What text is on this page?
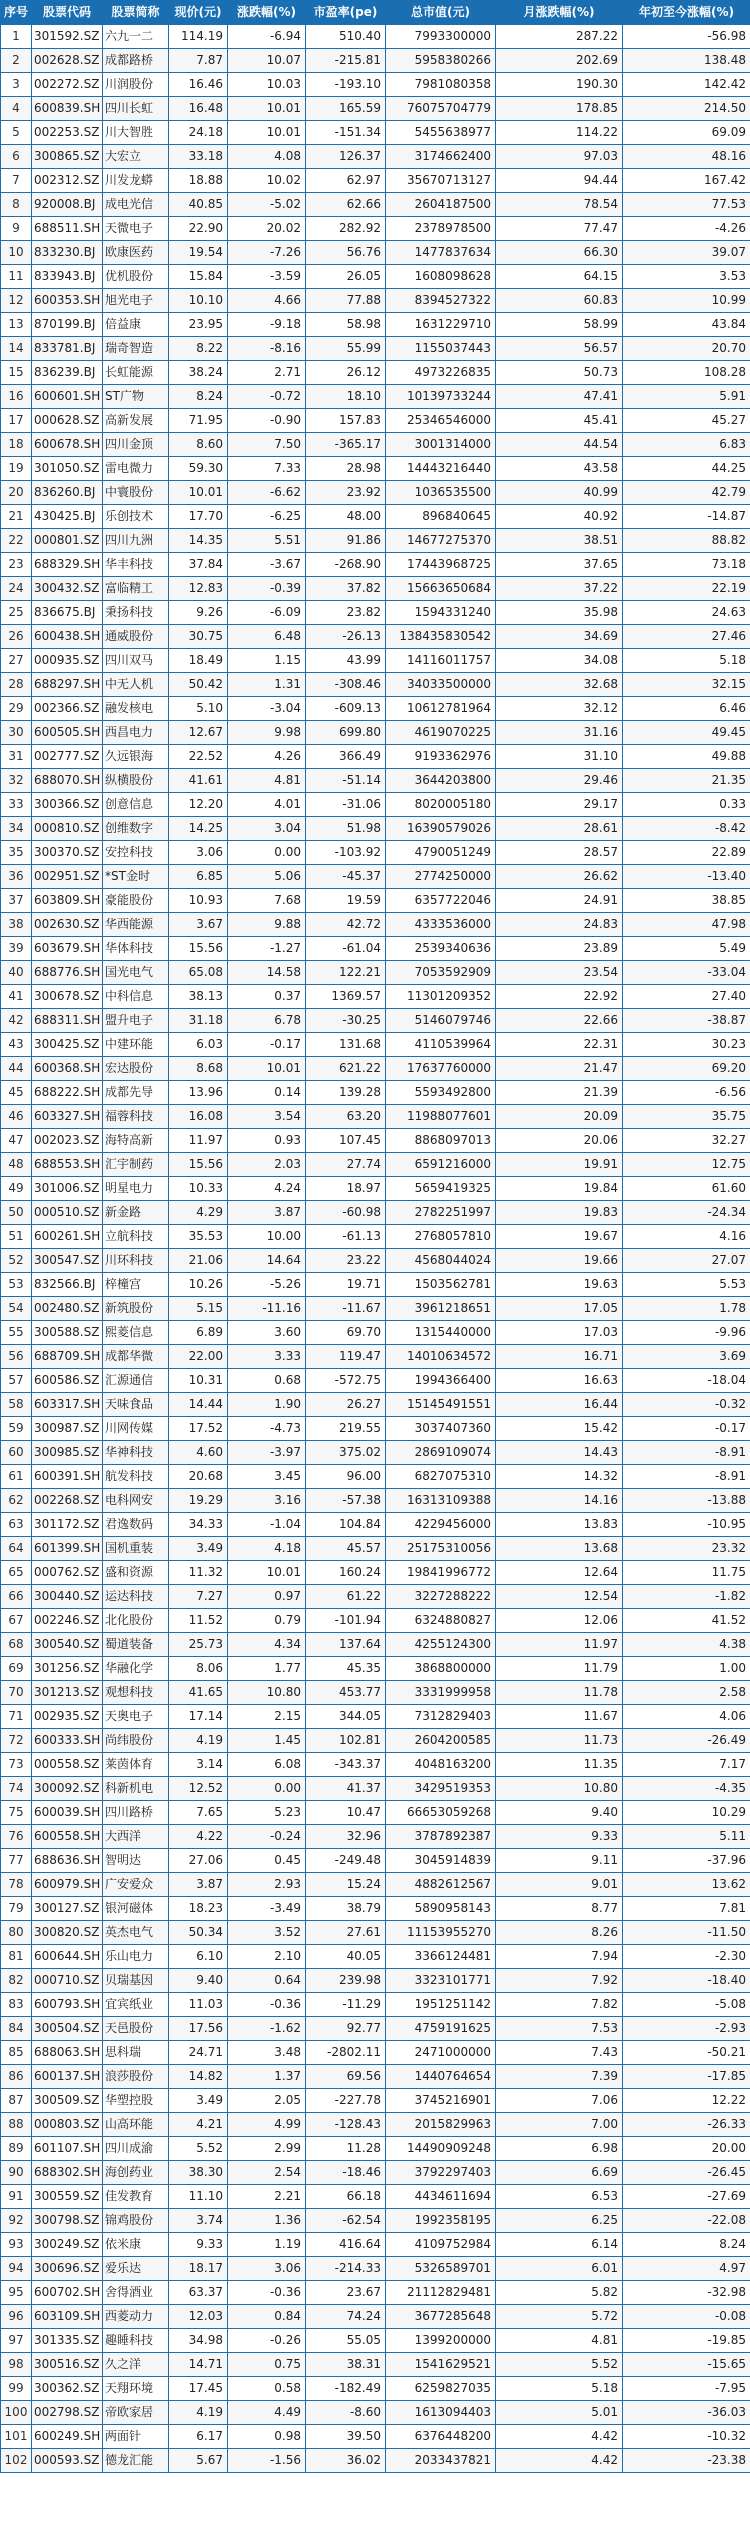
序号	股票代码	股票简称	现价(元)	涨跌幅(%)	市盈率(pe)	总市值(元)	月涨跌幅(%)	年初至今涨幅(%)
1	301592.SZ	六九一二	114.19	-6.94	510.40	7993300000	287.22	-56.98
2	002628.SZ	成都路桥	7.87	10.07	-215.81	5958380266	202.69	138.48
3	002272.SZ	川润股份	16.46	10.03	-193.10	7981080358	190.30	142.42
4	600839.SH	四川长虹	16.48	10.01	165.59	76075704779	178.85	214.50
5	002253.SZ	川大智胜	24.18	10.01	-151.34	5455638977	114.22	69.09
6	300865.SZ	大宏立	33.18	4.08	126.37	3174662400	97.03	48.16
7	002312.SZ	川发龙蟒	18.88	10.02	62.97	35670713127	94.44	167.42
8	920008.BJ	成电光信	40.85	-5.02	62.66	2604187500	78.54	77.53
9	688511.SH	天微电子	22.90	20.02	282.92	2378978500	77.47	-4.26
10	833230.BJ	欧康医药	19.54	-7.26	56.76	1477837634	66.30	39.07
11	833943.BJ	优机股份	15.84	-3.59	26.05	1608098628	64.15	3.53
12	600353.SH	旭光电子	10.10	4.66	77.88	8394527322	60.83	10.99
13	870199.BJ	倍益康	23.95	-9.18	58.98	1631229710	58.99	43.84
14	833781.BJ	瑞奇智造	8.22	-8.16	55.99	1155037443	56.57	20.70
15	836239.BJ	长虹能源	38.24	2.71	26.12	4973226835	50.73	108.28
16	600601.SH	ST广物	8.24	-0.72	18.10	10139733244	47.41	5.91
17	000628.SZ	高新发展	71.95	-0.90	157.83	25346546000	45.41	45.27
18	600678.SH	四川金顶	8.60	7.50	-365.17	3001314000	44.54	6.83
19	301050.SZ	雷电微力	59.30	7.33	28.98	14443216440	43.58	44.25
20	836260.BJ	中寰股份	10.01	-6.62	23.92	1036535500	40.99	42.79
21	430425.BJ	乐创技术	17.70	-6.25	48.00	896840645	40.92	-14.87
22	000801.SZ	四川九洲	14.35	5.51	91.86	14677275370	38.51	88.82
23	688329.SH	华丰科技	37.84	-3.67	-268.90	17443968725	37.65	73.18
24	300432.SZ	富临精工	12.83	-0.39	37.82	15663650684	37.22	22.19
25	836675.BJ	秉扬科技	9.26	-6.09	23.82	1594331240	35.98	24.63
26	600438.SH	通威股份	30.75	6.48	-26.13	138435830542	34.69	27.46
27	000935.SZ	四川双马	18.49	1.15	43.99	14116011757	34.08	5.18
28	688297.SH	中无人机	50.42	1.31	-308.46	34033500000	32.68	32.15
29	002366.SZ	融发核电	5.10	-3.04	-609.13	10612781964	32.12	6.46
30	600505.SH	西昌电力	12.67	9.98	699.80	4619070225	31.16	49.45
31	002777.SZ	久远银海	22.52	4.26	366.49	9193362976	31.10	49.88
32	688070.SH	纵横股份	41.61	4.81	-51.14	3644203800	29.46	21.35
33	300366.SZ	创意信息	12.20	4.01	-31.06	8020005180	29.17	0.33
34	000810.SZ	创维数字	14.25	3.04	51.98	16390579026	28.61	-8.42
35	300370.SZ	安控科技	3.06	0.00	-103.92	4790051249	28.57	22.89
36	002951.SZ	*ST金时	6.85	5.06	-45.37	2774250000	26.62	-13.40
37	603809.SH	豪能股份	10.93	7.68	19.59	6357722046	24.91	38.85
38	002630.SZ	华西能源	3.67	9.88	42.72	4333536000	24.83	47.98
39	603679.SH	华体科技	15.56	-1.27	-61.04	2539340636	23.89	5.49
40	688776.SH	国光电气	65.08	14.58	122.21	7053592909	23.54	-33.04
41	300678.SZ	中科信息	38.13	0.37	1369.57	11301209352	22.92	27.40
42	688311.SH	盟升电子	31.18	6.78	-30.25	5146079746	22.66	-38.87
43	300425.SZ	中建环能	6.03	-0.17	131.68	4110539964	22.31	30.23
44	600368.SH	宏达股份	8.68	10.01	621.22	17637760000	21.47	69.20
45	688222.SH	成都先导	13.96	0.14	139.28	5593492800	21.39	-6.56
46	603327.SH	福蓉科技	16.08	3.54	63.20	11988077601	20.09	35.75
47	002023.SZ	海特高新	11.97	0.93	107.45	8868097013	20.06	32.27
48	688553.SH	汇宇制药	15.56	2.03	27.74	6591216000	19.91	12.75
49	301006.SZ	明星电力	10.33	4.24	18.97	5659419325	19.84	61.60
50	000510.SZ	新金路	4.29	3.87	-60.98	2782251997	19.83	-24.34
51	600261.SH	立航科技	35.53	10.00	-61.13	2768057810	19.67	4.16
52	300547.SZ	川环科技	21.06	14.64	23.22	4568044024	19.66	27.07
53	832566.BJ	梓橦宫	10.26	-5.26	19.71	1503562781	19.63	5.53
54	002480.SZ	新筑股份	5.15	-11.16	-11.67	3961218651	17.05	1.78
55	300588.SZ	熙菱信息	6.89	3.60	69.70	1315440000	17.03	-9.96
56	688709.SH	成都华微	22.00	3.33	119.47	14010634572	16.71	3.69
57	600586.SZ	汇源通信	10.31	0.68	-572.75	1994366400	16.63	-18.04
58	603317.SH	天味食品	14.44	1.90	26.27	15145491551	16.44	-0.32
59	300987.SZ	川网传媒	17.52	-4.73	219.55	3037407360	15.42	-0.17
60	300985.SZ	华神科技	4.60	-3.97	375.02	2869109074	14.43	-8.91
61	600391.SH	航发科技	20.68	3.45	96.00	6827075310	14.32	-8.91
62	002268.SZ	电科网安	19.29	3.16	-57.38	16313109388	14.16	-13.88
63	301172.SZ	君逸数码	34.33	-1.04	104.84	4229456000	13.83	-10.95
64	601399.SH	国机重装	3.49	4.18	45.57	25175310056	13.68	23.32
65	000762.SZ	盛和资源	11.32	10.01	160.24	19841996772	12.64	11.75
66	300440.SZ	运达科技	7.27	0.97	61.22	3227288222	12.54	-1.82
67	002246.SZ	北化股份	11.52	0.79	-101.94	6324880827	12.06	41.52
68	300540.SZ	蜀道装备	25.73	4.34	137.64	4255124300	11.97	4.38
69	301256.SZ	华融化学	8.06	1.77	45.35	3868800000	11.79	1.00
70	301213.SZ	观想科技	41.65	10.80	453.77	3331999958	11.78	2.58
71	002935.SZ	天奥电子	17.14	2.15	344.05	7312829403	11.67	4.06
72	600333.SH	尚纬股份	4.19	1.45	102.81	2604200585	11.73	-26.49
73	000558.SZ	莱茵体育	3.14	6.08	-343.37	4048163200	11.35	7.17
74	300092.SZ	科新机电	12.52	0.00	41.37	3429519353	10.80	-4.35
75	600039.SH	四川路桥	7.65	5.23	10.47	66653059268	9.40	10.29
76	600558.SH	大西洋	4.22	-0.24	32.96	3787892387	9.33	5.11
77	688636.SH	智明达	27.06	0.45	-249.48	3045914839	9.11	-37.96
78	600979.SH	广安爱众	3.87	2.93	15.24	4882612567	9.01	13.62
79	300127.SZ	银河磁体	18.23	-3.49	38.79	5890958143	8.77	7.81
80	300820.SZ	英杰电气	50.34	3.52	27.61	11153955270	8.26	-11.50
81	600644.SH	乐山电力	6.10	2.10	40.05	3366124481	7.94	-2.30
82	000710.SZ	贝瑞基因	9.40	0.64	239.98	3323101771	7.92	-18.40
83	600793.SH	宜宾纸业	11.03	-0.36	-11.29	1951251142	7.82	-5.08
84	300504.SZ	天邑股份	17.56	-1.62	92.77	4759191625	7.53	-2.93
85	688063.SH	思科瑞	24.71	3.48	-2802.11	2471000000	7.43	-50.21
86	600137.SH	浪莎股份	14.82	1.37	69.56	1440764654	7.39	-17.85
87	300509.SZ	华塑控股	3.49	2.05	-227.78	3745216901	7.06	12.22
88	000803.SZ	山高环能	4.21	4.99	-128.43	2015829963	7.00	-26.33
89	601107.SH	四川成渝	5.52	2.99	11.28	14490909248	6.98	20.00
90	688302.SH	海创药业	38.30	2.54	-18.46	3792297403	6.69	-26.45
91	300559.SZ	佳发教育	11.10	2.21	66.18	4434611694	6.53	-27.69
92	300798.SZ	锦鸡股份	3.74	1.36	-62.54	1992358195	6.25	-22.08
93	300249.SZ	依米康	9.33	1.19	416.64	4109752984	6.14	8.24
94	300696.SZ	爱乐达	18.17	3.06	-214.33	5326589701	6.01	4.97
95	600702.SH	舍得酒业	63.37	-0.36	23.67	21112829481	5.82	-32.98
96	603109.SH	西菱动力	12.03	0.84	74.24	3677285648	5.72	-0.08
97	301335.SZ	趣睡科技	34.98	-0.26	55.05	1399200000	4.81	-19.85
98	300516.SZ	久之洋	14.71	0.75	38.31	1541629521	5.52	-15.65
99	300362.SZ	天翔环境	17.45	0.58	-182.49	6259827035	5.18	-7.95
100	002798.SZ	帝欧家居	4.19	4.49	-8.60	1613094403	5.01	-36.03
101	600249.SH	两面针	6.17	0.98	39.50	6376448200	4.42	-10.32
102	000593.SZ	德龙汇能	5.67	-1.56	36.02	2033437821	4.42	-23.38
